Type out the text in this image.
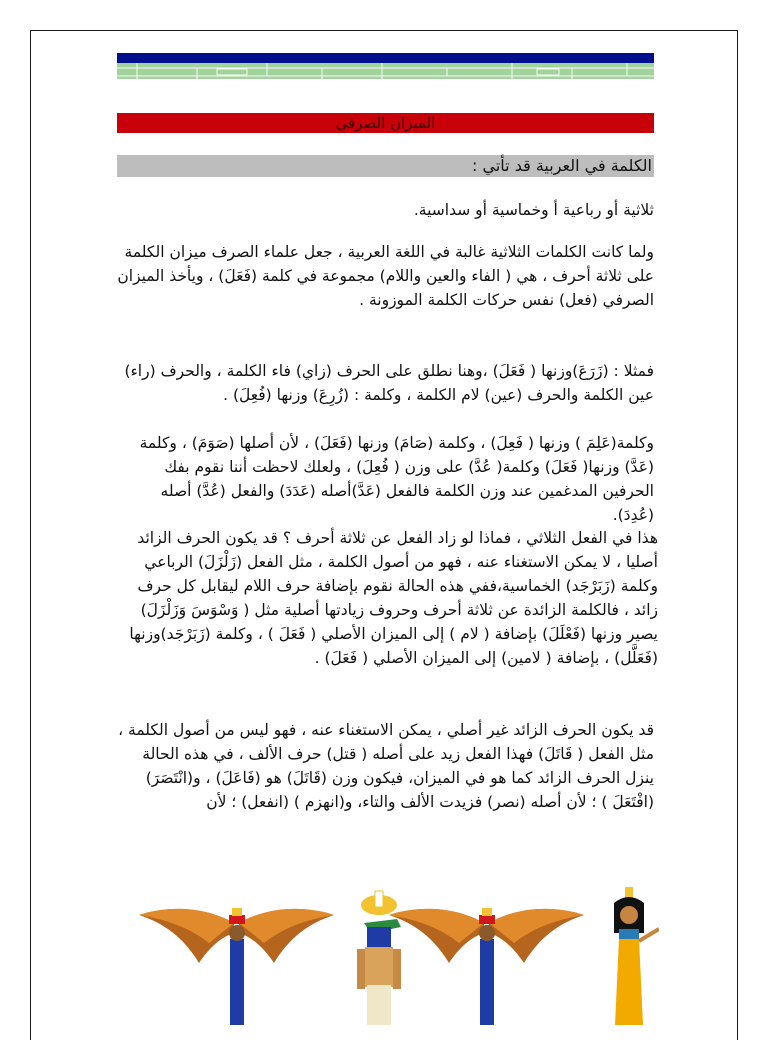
الميزان الصرفي
الكلمة في العربية قد تأتي :

ثلاثية أو رباعية أ وخماسية أو سداسية.

ولما كانت الكلمات الثلاثية غالبة في اللغة العربية ، جعل علماء الصرف ميزان الكلمة على ثلاثة أحرف ، هي ( الفاء والعين واللام) مجموعة في كلمة (فَعَلَ) ، ويأخذ الميزان الصرفي (فعل) نفس حركات الكلمة الموزونة .

فمثلا : (زَرَعَ)وزنها ( فَعَلَ) ،وهنا نطلق على الحرف (زاي) فاء الكلمة ، والحرف (راء) عين الكلمة والحرف (عين) لام الكلمة ، وكلمة : (زُرِعَ) وزنها (فُعِلَ) .

وكلمة(عَلِمَ ) وزنها ( فَعِلَ) ، وكلمة (صَامَ) وزنها (فَعَلَ) ، لأن أصلها (صَوَمَ) ، وكلمة (عَدَّ) وزنها( فَعَلَ) وكلمة( عُدَّ) على وزن ( فُعِلَ) ، ولعلك لاحظت أننا نقوم بفك الحرفين المدغمين عند وزن الكلمة فالفعل (عَدَّ)أصله (عَدَدَ) والفعل (عُدَّ) أصله (عُدِدَ).

هذا في الفعل الثلاثي ، فماذا لو زاد الفعل عن ثلاثة أحرف ؟ قد يكون الحرف الزائد أصليا ، لا يمكن الاستغناء عنه ، فهو من أصول الكلمة ، مثل الفعل (زَلْزَلَ) الرباعي وكلمة (زَبَرْجَد) الخماسية،ففي هذه الحالة نقوم بإضافة حرف اللام ليقابل كل حرف زائد ، فالكلمة الزائدة عن ثلاثة أحرف وحروف زيادتها أصلية مثل ( وَسْوَسَ وَزَلْزَلَ) يصير وزنها (فَعْلَلَ) بإضافة ( لام ) إلى الميزان الأصلي ( فَعَلَ ) ، وكلمة (زَبَرْجَد)وزنها (فَعَلَّل) ، بإضافة ( لامين) إلى الميزان الأصلي ( فَعَلَ) .

قد يكون الحرف الزائد غير أصلي ، يمكن الاستغناء عنه ، فهو ليس من أصول الكلمة ، مثل الفعل ( قَاتَلَ) فهذا الفعل زيد على أصله ( قتل) حرف الألف ، في هذه الحالة ينزل الحرف الزائد كما هو في الميزان، فيكون وزن (قَاتَلَ) هو (فَاعَلَ) ، و(انْتَصَرَ) (افْتَعَلَ ) ؛ لأن أصله (نصر) فزيدت الألف والتاء، و(انهزم ) (انفعل) ؛ لأن
